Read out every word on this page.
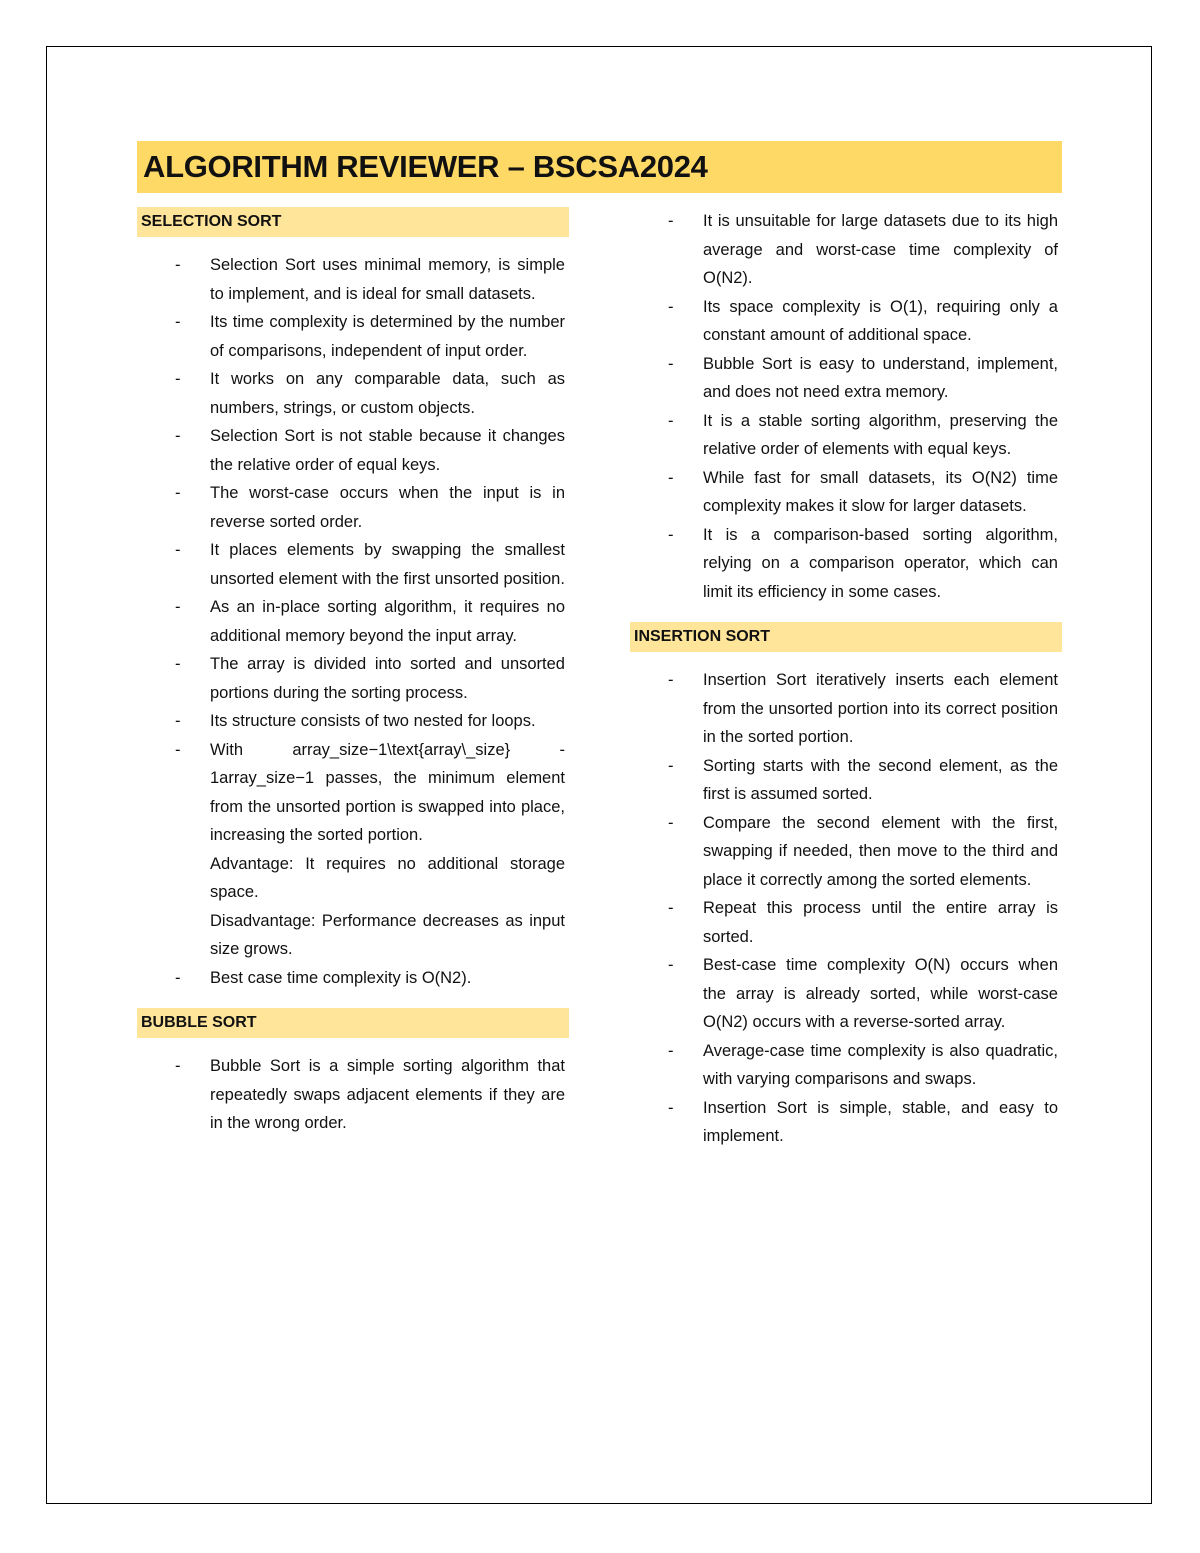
ALGORITHM REVIEWER – BSCSA2024
SELECTION SORT
- Selection Sort uses minimal memory, is simple to implement, and is ideal for small datasets.
- Its time complexity is determined by the number of comparisons, independent of input order.
- It works on any comparable data, such as numbers, strings, or custom objects.
- Selection Sort is not stable because it changes the relative order of equal keys.
- The worst-case occurs when the input is in reverse sorted order.
- It places elements by swapping the smallest unsorted element with the first unsorted position.
- As an in-place sorting algorithm, it requires no additional memory beyond the input array.
- The array is divided into sorted and unsorted portions during the sorting process.
- Its structure consists of two nested for loops.
- With array_size−1\text{array\_size} - 1array_size−1 passes, the minimum element from the unsorted portion is swapped into place, increasing the sorted portion.
Advantage: It requires no additional storage space.
Disadvantage: Performance decreases as input size grows.
- Best case time complexity is O(N2).
BUBBLE SORT
- Bubble Sort is a simple sorting algorithm that repeatedly swaps adjacent elements if they are in the wrong order.
- It is unsuitable for large datasets due to its high average and worst-case time complexity of O(N2).
- Its space complexity is O(1), requiring only a constant amount of additional space.
- Bubble Sort is easy to understand, implement, and does not need extra memory.
- It is a stable sorting algorithm, preserving the relative order of elements with equal keys.
- While fast for small datasets, its O(N2) time complexity makes it slow for larger datasets.
- It is a comparison-based sorting algorithm, relying on a comparison operator, which can limit its efficiency in some cases.
INSERTION SORT
- Insertion Sort iteratively inserts each element from the unsorted portion into its correct position in the sorted portion.
- Sorting starts with the second element, as the first is assumed sorted.
- Compare the second element with the first, swapping if needed, then move to the third and place it correctly among the sorted elements.
- Repeat this process until the entire array is sorted.
- Best-case time complexity O(N) occurs when the array is already sorted, while worst-case O(N2) occurs with a reverse-sorted array.
- Average-case time complexity is also quadratic, with varying comparisons and swaps.
- Insertion Sort is simple, stable, and easy to implement.
